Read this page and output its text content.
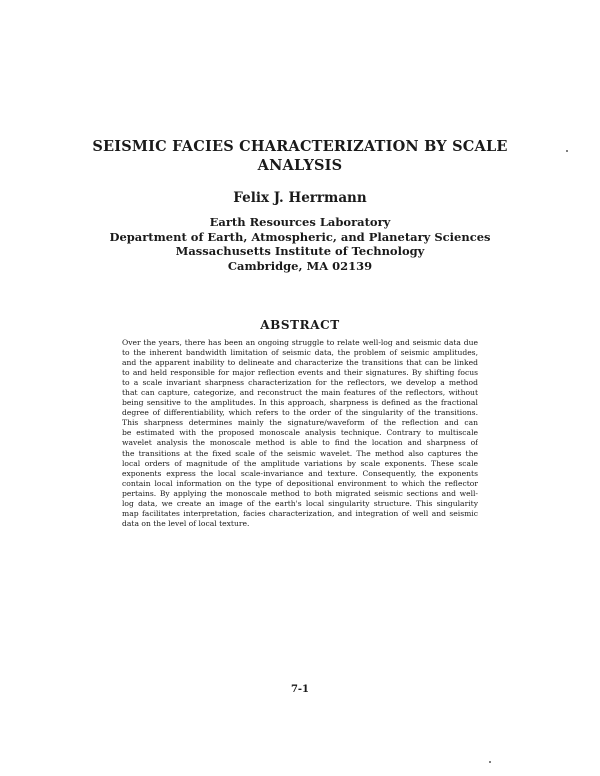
SEISMIC FACIES CHARACTERIZATION BY SCALE
ANALYSIS
Felix J. Herrmann
Earth Resources Laboratory
Department of Earth, Atmospheric, and Planetary Sciences
Massachusetts Institute of Technology
Cambridge, MA 02139
ABSTRACT
Over the years, there has been an ongoing struggle to relate well-log and seismic data due
to the inherent bandwidth limitation of seismic data, the problem of seismic amplitudes,
and the apparent inability to delineate and characterize the transitions that can be linked
to and held responsible for major reflection events and their signatures. By shifting focus
to a scale invariant sharpness characterization for the reflectors, we develop a method
that can capture, categorize, and reconstruct the main features of the reflectors, without
being sensitive to the amplitudes. In this approach, sharpness is defined as the fractional
degree of differentiability, which refers to the order of the singularity of the transitions.
This sharpness determines mainly the signature/waveform of the reflection and can
be estimated with the proposed monoscale analysis technique. Contrary to multiscale
wavelet analysis the monoscale method is able to find the location and sharpness of
the transitions at the fixed scale of the seismic wavelet. The method also captures the
local orders of magnitude of the amplitude variations by scale exponents. These scale
exponents express the local scale-invariance and texture. Consequently, the exponents
contain local information on the type of depositional environment to which the reflector
pertains. By applying the monoscale method to both migrated seismic sections and well-
log data, we create an image of the earth's local singularity structure. This singularity
map facilitates interpretation, facies characterization, and integration of well and seismic
data on the level of local texture.
7-1
